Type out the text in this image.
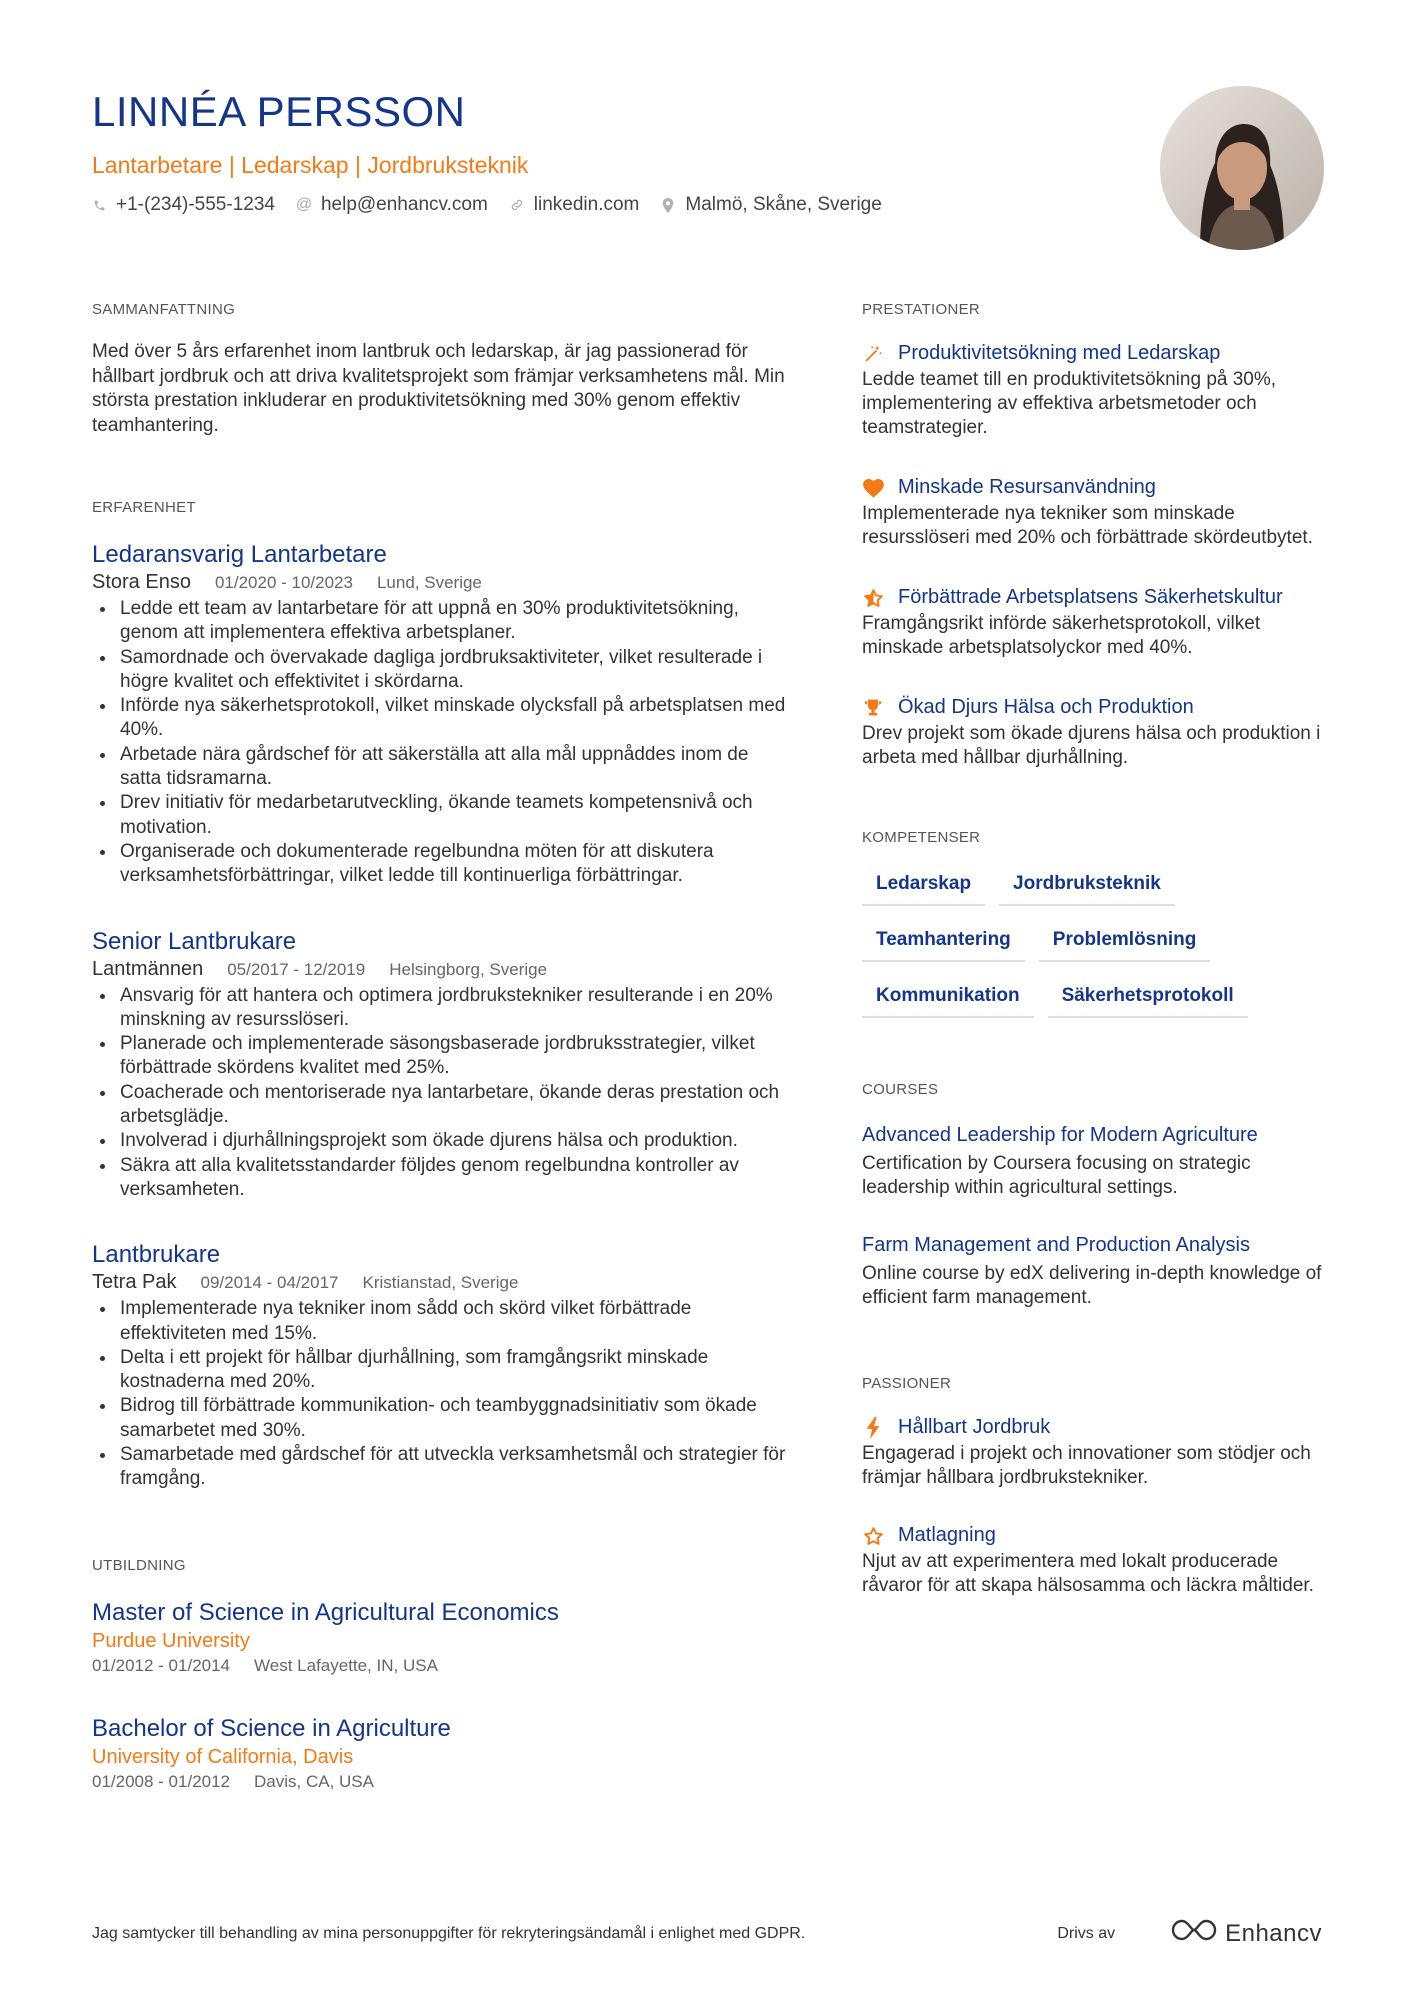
LINNÉA PERSSON
Lantarbetare | Ledarskap | Jordbruksteknik
+1-(234)-555-1234 @ help@enhancv.com linkedin.com Malmö, Skåne, Sverige
SAMMANFATTNING
Med över 5 års erfarenhet inom lantbruk och ledarskap, är jag passionerad för hållbart jordbruk och att driva kvalitetsprojekt som främjar verksamhetens mål. Min största prestation inkluderar en produktivitetsökning med 30% genom effektiv teamhantering.
ERFARENHET
Ledaransvarig Lantarbetare
Stora Enso 01/2020 - 10/2023 Lund, Sverige
Ledde ett team av lantarbetare för att uppnå en 30% produktivitetsökning, genom att implementera effektiva arbetsplaner.
Samordnade och övervakade dagliga jordbruksaktiviteter, vilket resulterade i högre kvalitet och effektivitet i skördarna.
Införde nya säkerhetsprotokoll, vilket minskade olycksfall på arbetsplatsen med 40%.
Arbetade nära gårdschef för att säkerställa att alla mål uppnåddes inom de satta tidsramarna.
Drev initiativ för medarbetarutveckling, ökande teamets kompetensnivå och motivation.
Organiserade och dokumenterade regelbundna möten för att diskutera verksamhetsförbättringar, vilket ledde till kontinuerliga förbättringar.
Senior Lantbrukare
Lantmännen 05/2017 - 12/2019 Helsingborg, Sverige
Ansvarig för att hantera och optimera jordbrukstekniker resulterande i en 20% minskning av resursslöseri.
Planerade och implementerade säsongsbaserade jordbruksstrategier, vilket förbättrade skördens kvalitet med 25%.
Coacherade och mentoriserade nya lantarbetare, ökande deras prestation och arbetsglädje.
Involverad i djurhållningsprojekt som ökade djurens hälsa och produktion.
Säkra att alla kvalitetsstandarder följdes genom regelbundna kontroller av verksamheten.
Lantbrukare
Tetra Pak 09/2014 - 04/2017 Kristianstad, Sverige
Implementerade nya tekniker inom sådd och skörd vilket förbättrade effektiviteten med 15%.
Delta i ett projekt för hållbar djurhållning, som framgångsrikt minskade kostnaderna med 20%.
Bidrog till förbättrade kommunikation- och teambyggnadsinitiativ som ökade samarbetet med 30%.
Samarbetade med gårdschef för att utveckla verksamhetsmål och strategier för framgång.
UTBILDNING
Master of Science in Agricultural Economics
Purdue University
01/2012 - 01/2014 West Lafayette, IN, USA
Bachelor of Science in Agriculture
University of California, Davis
01/2008 - 01/2012 Davis, CA, USA
PRESTATIONER
Produktivitetsökning med Ledarskap
Ledde teamet till en produktivitetsökning på 30%, implementering av effektiva arbetsmetoder och teamstrategier.
Minskade Resursanvändning
Implementerade nya tekniker som minskade resursslöseri med 20% och förbättrade skördeutbytet.
Förbättrade Arbetsplatsens Säkerhetskultur
Framgångsrikt införde säkerhetsprotokoll, vilket minskade arbetsplatsolyckor med 40%.
Ökad Djurs Hälsa och Produktion
Drev projekt som ökade djurens hälsa och produktion i arbeta med hållbar djurhållning.
KOMPETENSER
Ledarskap	Jordbruksteknik
Teamhantering	Problemlösning
Kommunikation	Säkerhetsprotokoll
COURSES
Advanced Leadership for Modern Agriculture
Certification by Coursera focusing on strategic leadership within agricultural settings.
Farm Management and Production Analysis
Online course by edX delivering in-depth knowledge of efficient farm management.
PASSIONER
Hållbart Jordbruk
Engagerad i projekt och innovationer som stödjer och främjar hållbara jordbrukstekniker.
Matlagning
Njut av att experimentera med lokalt producerade råvaror för att skapa hälsosamma och läckra måltider.
Jag samtycker till behandling av mina personuppgifter för rekryteringsändamål i enlighet med GDPR.	Drivs av	Enhancv
